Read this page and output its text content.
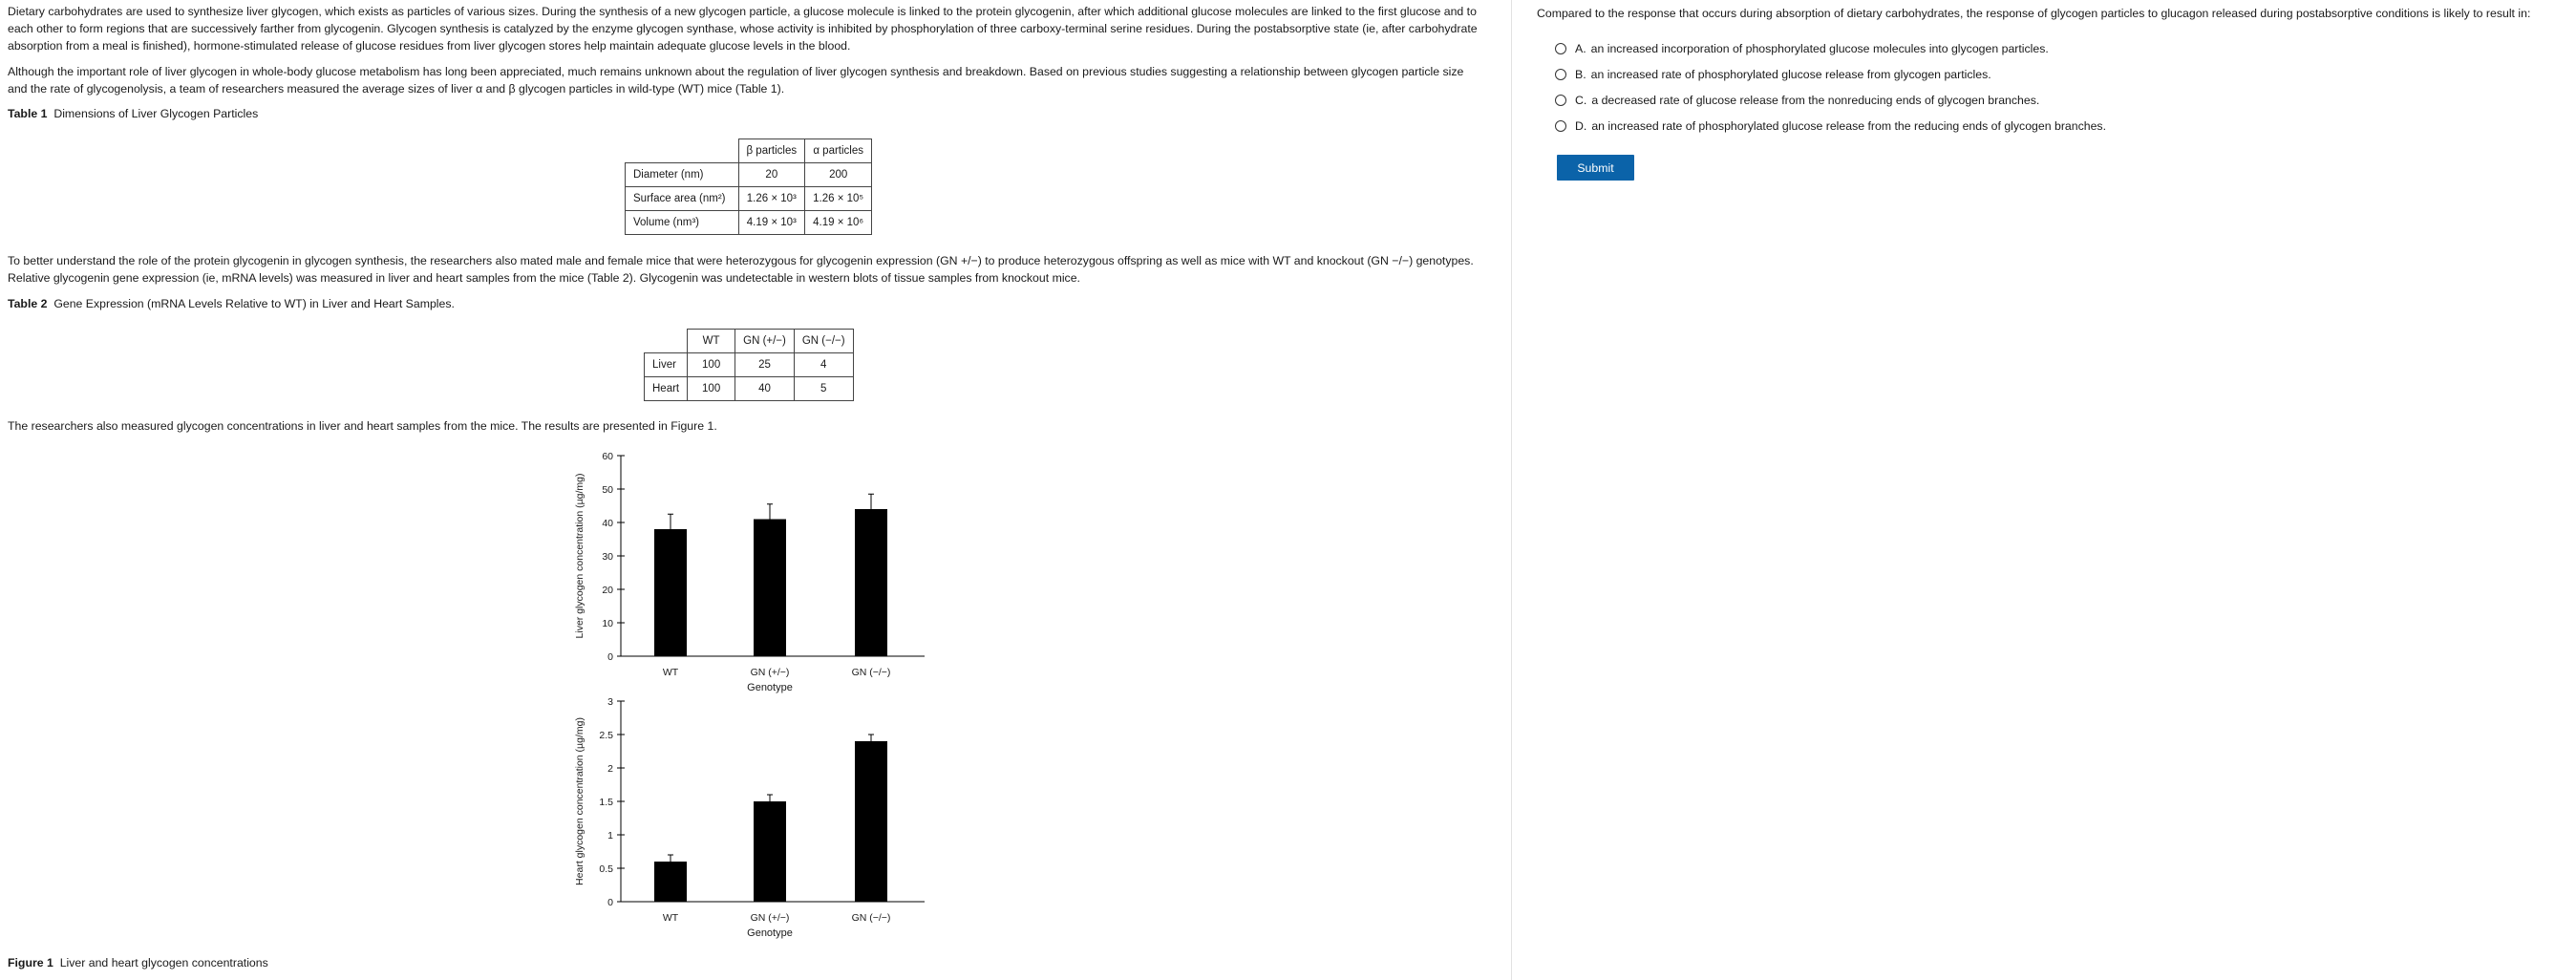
Dietary carbohydrates are used to synthesize liver glycogen, which exists as particles of various sizes. During the synthesis of a new glycogen particle, a glucose molecule is linked to the protein glycogenin, after which additional glucose molecules are linked to the first glucose and to each other to form regions that are successively farther from glycogenin. Glycogen synthesis is catalyzed by the enzyme glycogen synthase, whose activity is inhibited by phosphorylation of three carboxy-terminal serine residues. During the postabsorptive state (ie, after carbohydrate absorption from a meal is finished), hormone-stimulated release of glucose residues from liver glycogen stores help maintain adequate glucose levels in the blood.

Although the important role of liver glycogen in whole-body glucose metabolism has long been appreciated, much remains unknown about the regulation of liver glycogen synthesis and breakdown. Based on previous studies suggesting a relationship between glycogen particle size and the rate of glycogenolysis, a team of researchers measured the average sizes of liver α and β glycogen particles in wild-type (WT) mice (Table 1).

Table 1 Dimensions of Liver Glycogen Particles
	β particles	α particles
Diameter (nm)	20	200
Surface area (nm²)	1.26 × 10³	1.26 × 10⁵
Volume (nm³)	4.19 × 10³	4.19 × 10⁶

To better understand the role of the protein glycogenin in glycogen synthesis, the researchers also mated male and female mice that were heterozygous for glycogenin expression (GN +/−) to produce heterozygous offspring as well as mice with WT and knockout (GN −/−) genotypes. Relative glycogenin gene expression (ie, mRNA levels) was measured in liver and heart samples from the mice (Table 2). Glycogenin was undetectable in western blots of tissue samples from knockout mice.

Table 2 Gene Expression (mRNA Levels Relative to WT) in Liver and Heart Samples.
	WT	GN (+/−)	GN (−/−)
Liver	100	25	4
Heart	100	40	5

The researchers also measured glycogen concentrations in liver and heart samples from the mice. The results are presented in Figure 1.

0
10
20
30
40
50
60
WT	GN (+/−)	GN (−/−)
Genotype
Liver glycogen concentration (µg/mg)
0
0.5
1
1.5
2
2.5
3
WT	GN (+/−)	GN (−/−)
Genotype
Heart glycogen concentration (µg/mg)
Figure 1 Liver and heart glycogen concentrations
Compared to the response that occurs during absorption of dietary carbohydrates, the response of glycogen particles to glucagon released during postabsorptive conditions is likely to result in:
A. an increased incorporation of phosphorylated glucose molecules into glycogen particles.
B. an increased rate of phosphorylated glucose release from glycogen particles.
C. a decreased rate of glucose release from the nonreducing ends of glycogen branches.
D. an increased rate of phosphorylated glucose release from the reducing ends of glycogen branches.
Submit
